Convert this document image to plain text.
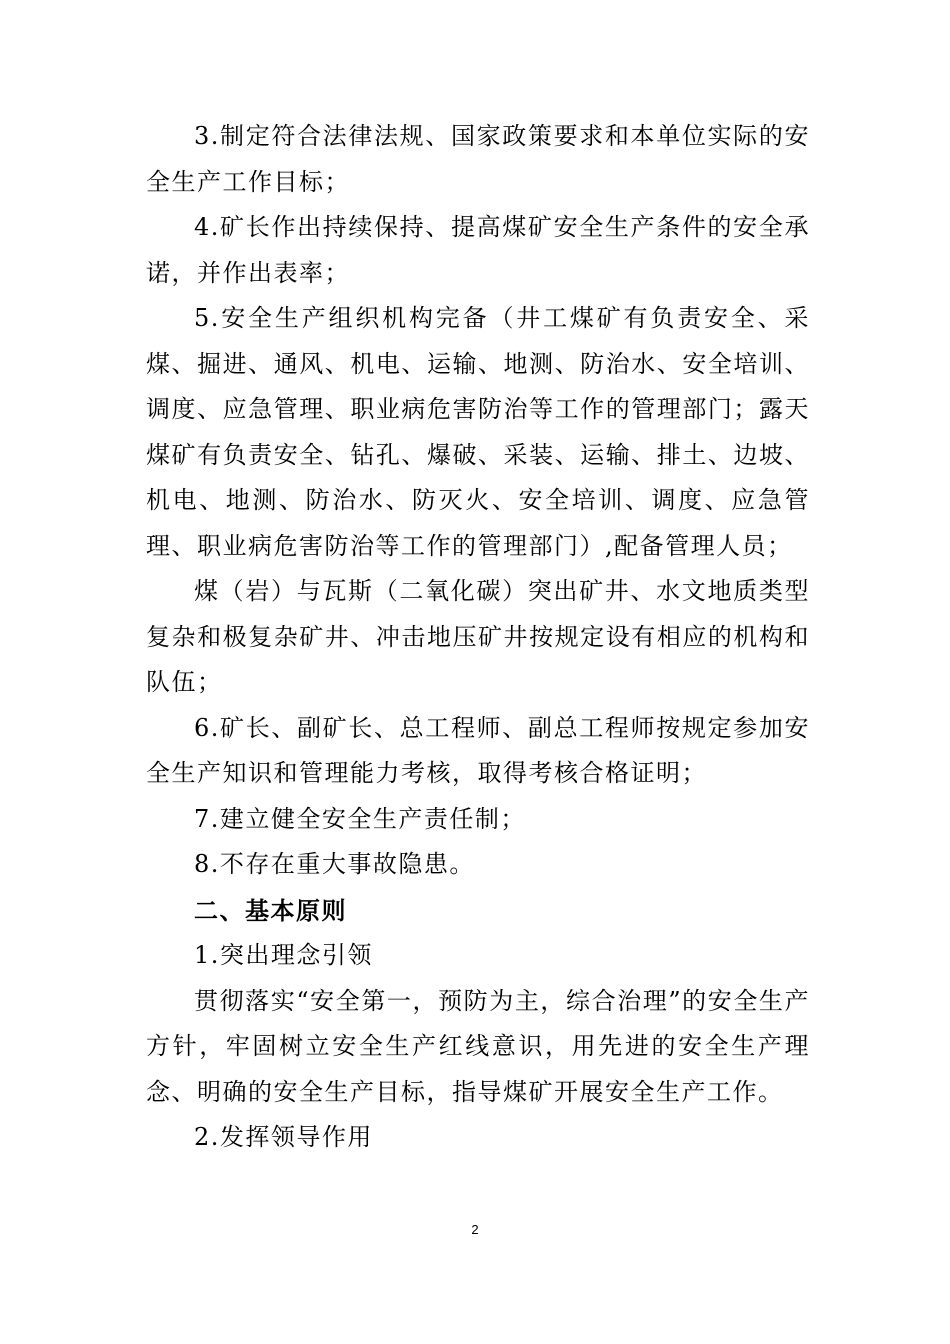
3.制定符合法律法规、国家政策要求和本单位实际的安全生产工作目标；

4.矿长作出持续保持、提高煤矿安全生产条件的安全承诺，并作出表率；

5.安全生产组织机构完备（井工煤矿有负责安全、采煤、掘进、通风、机电、运输、地测、防治水、安全培训、调度、应急管理、职业病危害防治等工作的管理部门；露天煤矿有负责安全、钻孔、爆破、采装、运输、排土、边坡、机电、地测、防治水、防灭火、安全培训、调度、应急管理、职业病危害防治等工作的管理部门）,配备管理人员；

煤（岩）与瓦斯（二氧化碳）突出矿井、水文地质类型复杂和极复杂矿井、冲击地压矿井按规定设有相应的机构和队伍；

6.矿长、副矿长、总工程师、副总工程师按规定参加安全生产知识和管理能力考核，取得考核合格证明；

7.建立健全安全生产责任制；

8.不存在重大事故隐患。

二、基本原则

1.突出理念引领

贯彻落实“安全第一，预防为主，综合治理”的安全生产方针，牢固树立安全生产红线意识，用先进的安全生产理念、明确的安全生产目标，指导煤矿开展安全生产工作。

2.发挥领导作用

2
